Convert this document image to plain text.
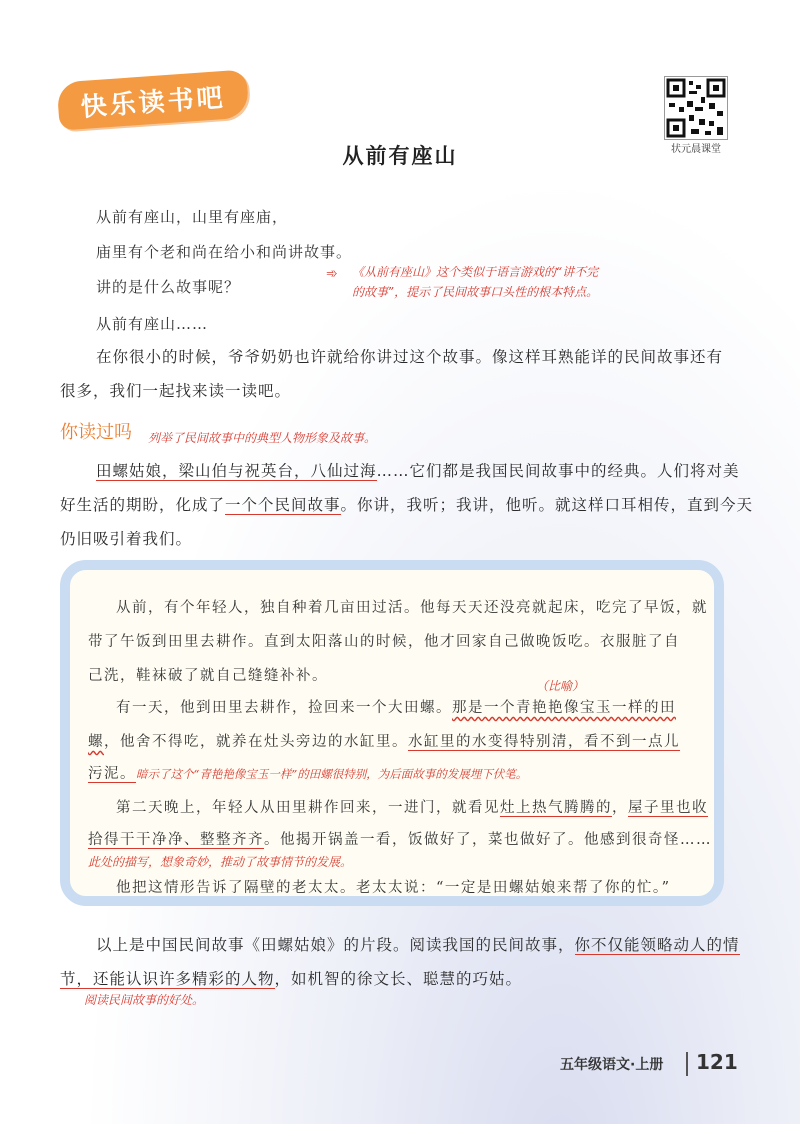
快乐读书吧
状元晨课堂
从前有座山
从前有座山，山里有座庙，
庙里有个老和尚在给小和尚讲故事。
讲的是什么故事呢？
从前有座山……
➾ 《从前有座山》这个类似于语言游戏的“讲不完
的故事”，提示了民间故事口头性的根本特点。
在你很小的时候，爷爷奶奶也许就给你讲过这个故事。像这样耳熟能详的民间故事还有
很多，我们一起找来读一读吧。
你读过吗 列举了民间故事中的典型人物形象及故事。
田螺姑娘，梁山伯与祝英台，八仙过海……它们都是我国民间故事中的经典。人们将对美
好生活的期盼，化成了一个个民间故事。你讲，我听；我讲，他听。就这样口耳相传，直到今天
仍旧吸引着我们。
从前，有个年轻人，独自种着几亩田过活。他每天天还没亮就起床，吃完了早饭，就
带了午饭到田里去耕作。直到太阳落山的时候，他才回家自己做晚饭吃。衣服脏了自
己洗，鞋袜破了就自己缝缝补补。
（比喻）
有一天，他到田里去耕作，捡回来一个大田螺。那是一个青艳艳像宝玉一样的田
螺，他舍不得吃，就养在灶头旁边的水缸里。水缸里的水变得特别清，看不到一点儿
污泥。暗示了这个“青艳艳像宝玉一样”的田螺很特别，为后面故事的发展埋下伏笔。
第二天晚上，年轻人从田里耕作回来，一进门，就看见灶上热气腾腾的，屋子里也收
拾得干干净净、整整齐齐。他揭开锅盖一看，饭做好了，菜也做好了。他感到很奇怪……
此处的描写，想象奇妙，推动了故事情节的发展。
他把这情形告诉了隔壁的老太太。老太太说：“一定是田螺姑娘来帮了你的忙。”
以上是中国民间故事《田螺姑娘》的片段。阅读我国的民间故事，你不仅能领略动人的情
节，还能认识许多精彩的人物，如机智的徐文长、聪慧的巧姑。
阅读民间故事的好处。
五年级语文·上册 121
